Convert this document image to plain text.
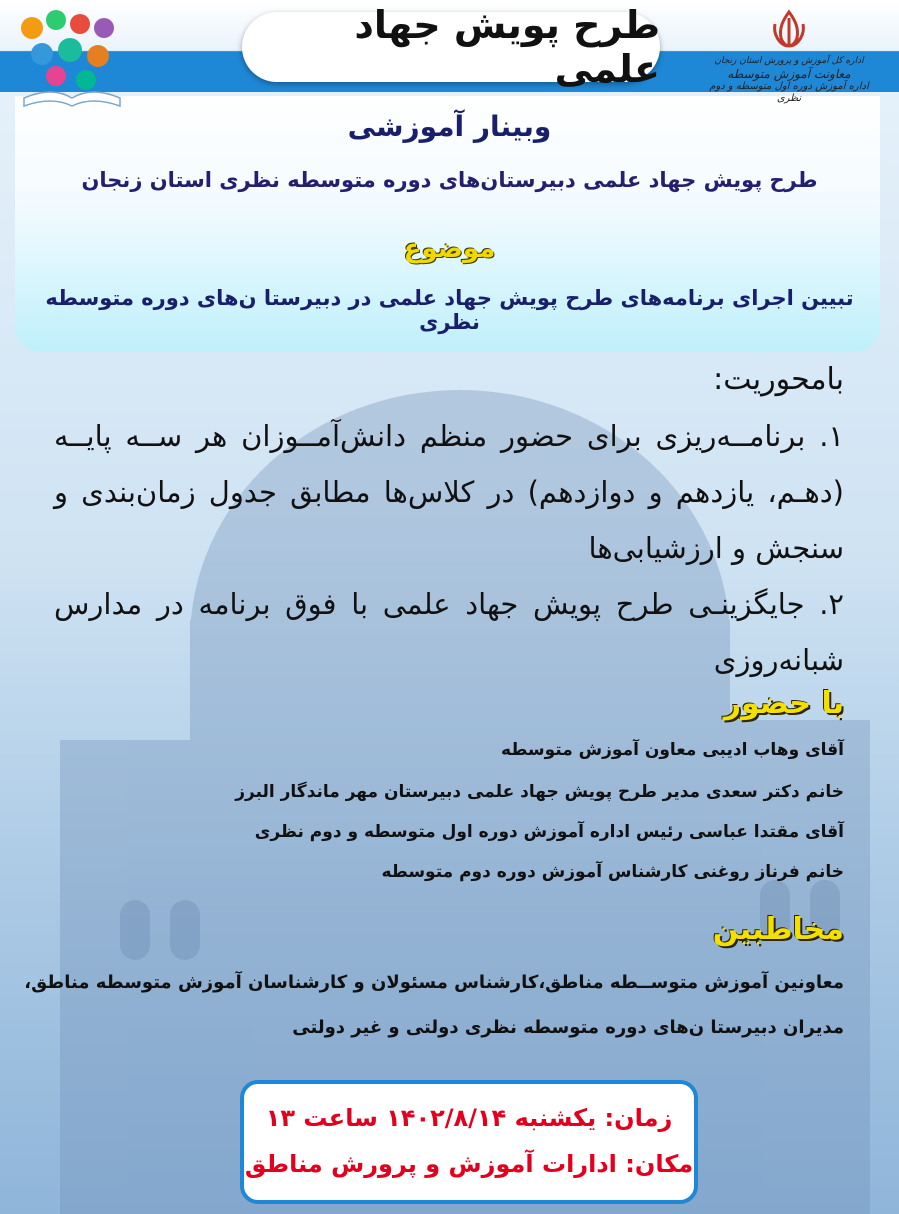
طرح پویش جهاد علمی	اداره کل آموزش و پرورش استان زنجان
معاونت آموزش متوسطه
اداره آموزش دوره اول متوسطه و دوم نظری
وبینار آموزشی
طرح پویش جهاد علمی دبیرستان‌های دوره متوسطه نظری استان زنجان
موضوع
تبیین اجرای برنامه‌های طرح پویش جهاد علمی در دبیرستا ن‌های دوره متوسطه نظری
بامحوریت:
۱. برنامــه‌ریزی برای حضور منظم دانش‌آمــوزان هر ســه پایــه (دهـم، یازدهم و دوازدهم) در کلاس‌ها مطابق جدول زمان‌بندی و سنجش و ارزشیابی‌ها
۲. جایگزینـی طرح پویش جهاد علمی با فوق برنامه در مدارس شبانه‌روزی
با حضور
آقای وهاب ادیبی معاون آموزش متوسطه
خانم دکتر سعدی مدیر طرح پویش جهاد علمی دبیرستان مهر ماندگار البرز
آقای مقتدا عباسی رئیس اداره آموزش دوره اول متوسطه و دوم نظری
خانم فرناز روغنی کارشناس آموزش دوره دوم متوسطه
مخاطبین
معاونین آموزش متوســطه مناطق،کارشناس مسئولان و کارشناسان آموزش متوسطه مناطق،
مدیران دبیرستا ن‌های دوره متوسطه نظری دولتی و غیر دولتی
زمان: یکشنبه ۱۴۰۲/۸/۱۴ ساعت ۱۳
مکان: ادارات آموزش و پرورش مناطق
